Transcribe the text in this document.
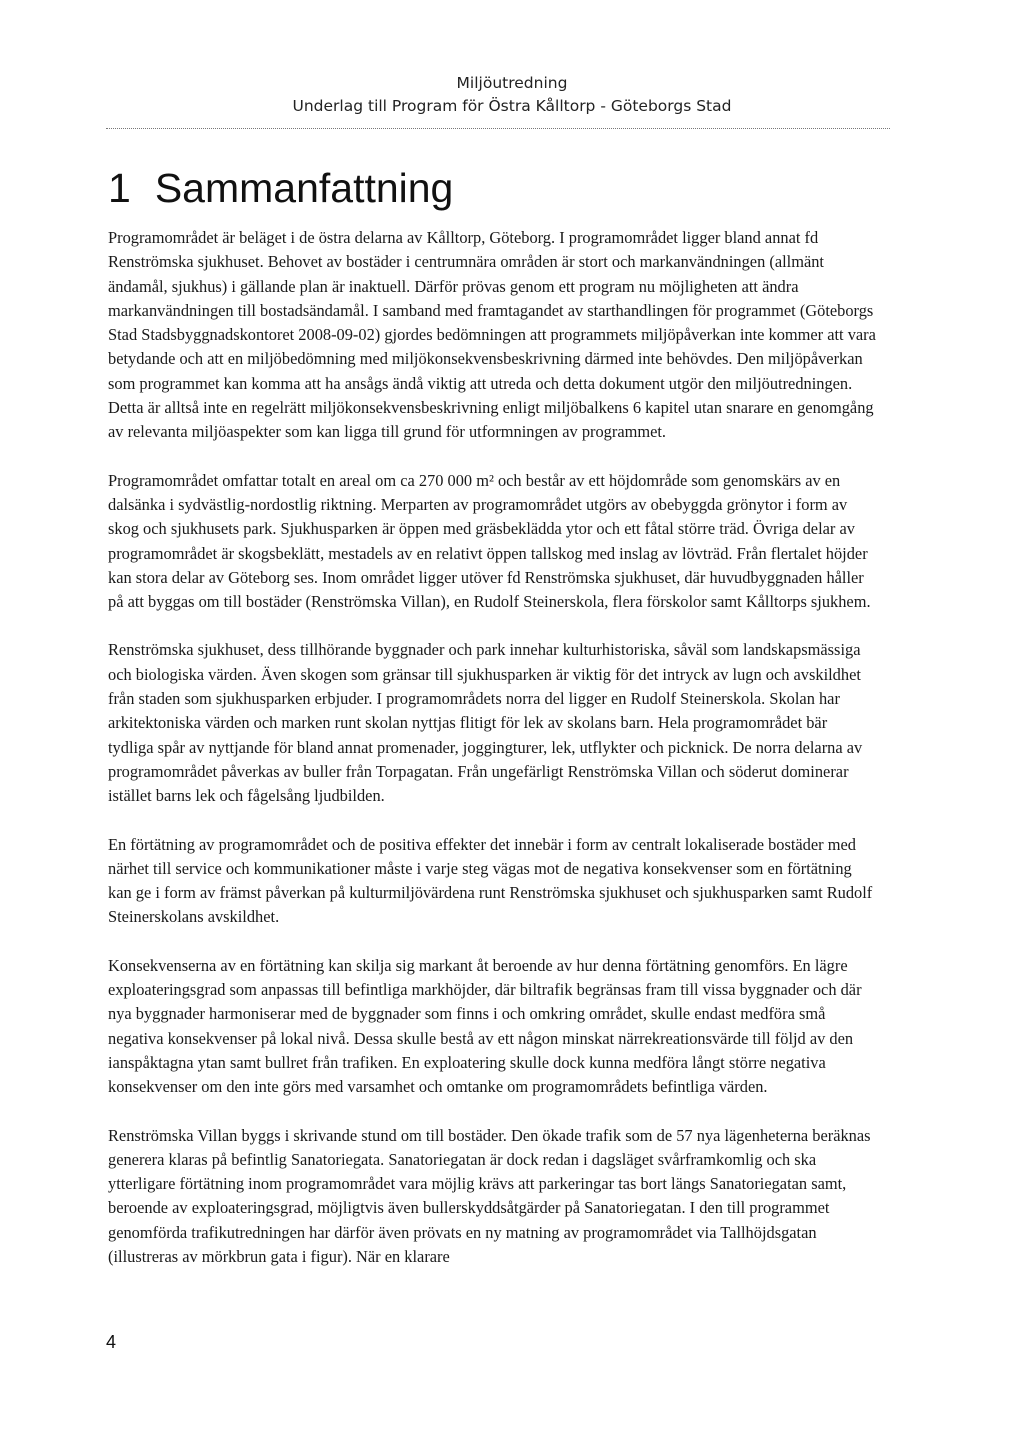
Miljöutredning
Underlag till Program för Östra Kålltorp - Göteborgs Stad
1 Sammanfattning

Programområdet är beläget i de östra delarna av Kålltorp, Göteborg. I programområdet ligger bland annat fd Renströmska sjukhuset. Behovet av bostäder i centrumnära områden är stort och markanvändningen (allmänt ändamål, sjukhus) i gällande plan är inaktuell. Därför prövas genom ett program nu möjligheten att ändra markanvändningen till bostadsändamål. I samband med framtagandet av starthandlingen för programmet (Göteborgs Stad Stadsbyggnadskontoret 2008-09-02) gjordes bedömningen att programmets miljöpåverkan inte kommer att vara betydande och att en miljöbedömning med miljökonsekvensbeskrivning därmed inte behövdes. Den miljöpåverkan som programmet kan komma att ha ansågs ändå viktig att utreda och detta dokument utgör den miljöutredningen. Detta är alltså inte en regelrätt miljökonsekvensbeskrivning enligt miljöbalkens 6 kapitel utan snarare en genomgång av relevanta miljöaspekter som kan ligga till grund för utformningen av programmet.

Programområdet omfattar totalt en areal om ca 270 000 m² och består av ett höjdområde som genomskärs av en dalsänka i sydvästlig-nordostlig riktning. Merparten av programområdet utgörs av obebyggda grönytor i form av skog och sjukhusets park. Sjukhusparken är öppen med gräsbeklädda ytor och ett fåtal större träd. Övriga delar av programområdet är skogsbeklätt, mestadels av en relativt öppen tallskog med inslag av lövträd. Från flertalet höjder kan stora delar av Göteborg ses. Inom området ligger utöver fd Renströmska sjukhuset, där huvudbyggnaden håller på att byggas om till bostäder (Renströmska Villan), en Rudolf Steinerskola, flera förskolor samt Kålltorps sjukhem.

Renströmska sjukhuset, dess tillhörande byggnader och park innehar kulturhistoriska, såväl som landskapsmässiga och biologiska värden. Även skogen som gränsar till sjukhusparken är viktig för det intryck av lugn och avskildhet från staden som sjukhusparken erbjuder. I programområdets norra del ligger en Rudolf Steinerskola. Skolan har arkitektoniska värden och marken runt skolan nyttjas flitigt för lek av skolans barn. Hela programområdet bär tydliga spår av nyttjande för bland annat promenader, joggingturer, lek, utflykter och picknick. De norra delarna av programområdet påverkas av buller från Torpagatan. Från ungefärligt Renströmska Villan och söderut dominerar istället barns lek och fågelsång ljudbilden.

En förtätning av programområdet och de positiva effekter det innebär i form av centralt lokaliserade bostäder med närhet till service och kommunikationer måste i varje steg vägas mot de negativa konsekvenser som en förtätning kan ge i form av främst påverkan på kulturmiljövärdena runt Renströmska sjukhuset och sjukhusparken samt Rudolf Steinerskolans avskildhet.

Konsekvenserna av en förtätning kan skilja sig markant åt beroende av hur denna förtätning genomförs. En lägre exploateringsgrad som anpassas till befintliga markhöjder, där biltrafik begränsas fram till vissa byggnader och där nya byggnader harmoniserar med de byggnader som finns i och omkring området, skulle endast medföra små negativa konsekvenser på lokal nivå. Dessa skulle bestå av ett någon minskat närrekreationsvärde till följd av den ianspåktagna ytan samt bullret från trafiken. En exploatering skulle dock kunna medföra långt större negativa konsekvenser om den inte görs med varsamhet och omtanke om programområdets befintliga värden.

Renströmska Villan byggs i skrivande stund om till bostäder. Den ökade trafik som de 57 nya lägenheterna beräknas generera klaras på befintlig Sanatoriegata. Sanatoriegatan är dock redan i dagsläget svårframkomlig och ska ytterligare förtätning inom programområdet vara möjlig krävs att parkeringar tas bort längs Sanatoriegatan samt, beroende av exploateringsgrad, möjligtvis även bullerskyddsåtgärder på Sanatoriegatan. I den till programmet genomförda trafikutredningen har därför även prövats en ny matning av programområdet via Tallhöjdsgatan (illustreras av mörkbrun gata i figur). När en klarare

4
